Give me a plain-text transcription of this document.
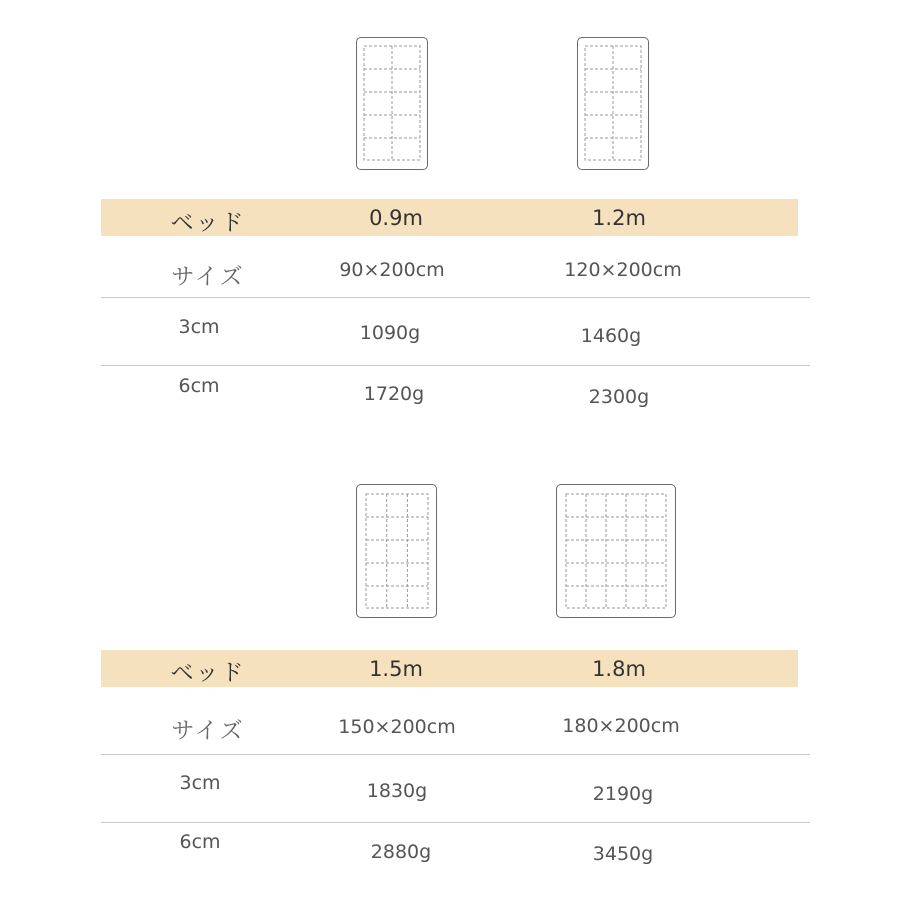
ベッド	0.9m	1.2m
サイズ	90×200cm	120×200cm
3cm	1090g	1460g
6cm	1720g	2300g
ベッド	1.5m	1.8m
サイズ	150×200cm	180×200cm
3cm	1830g	2190g
6cm	2880g	3450g
